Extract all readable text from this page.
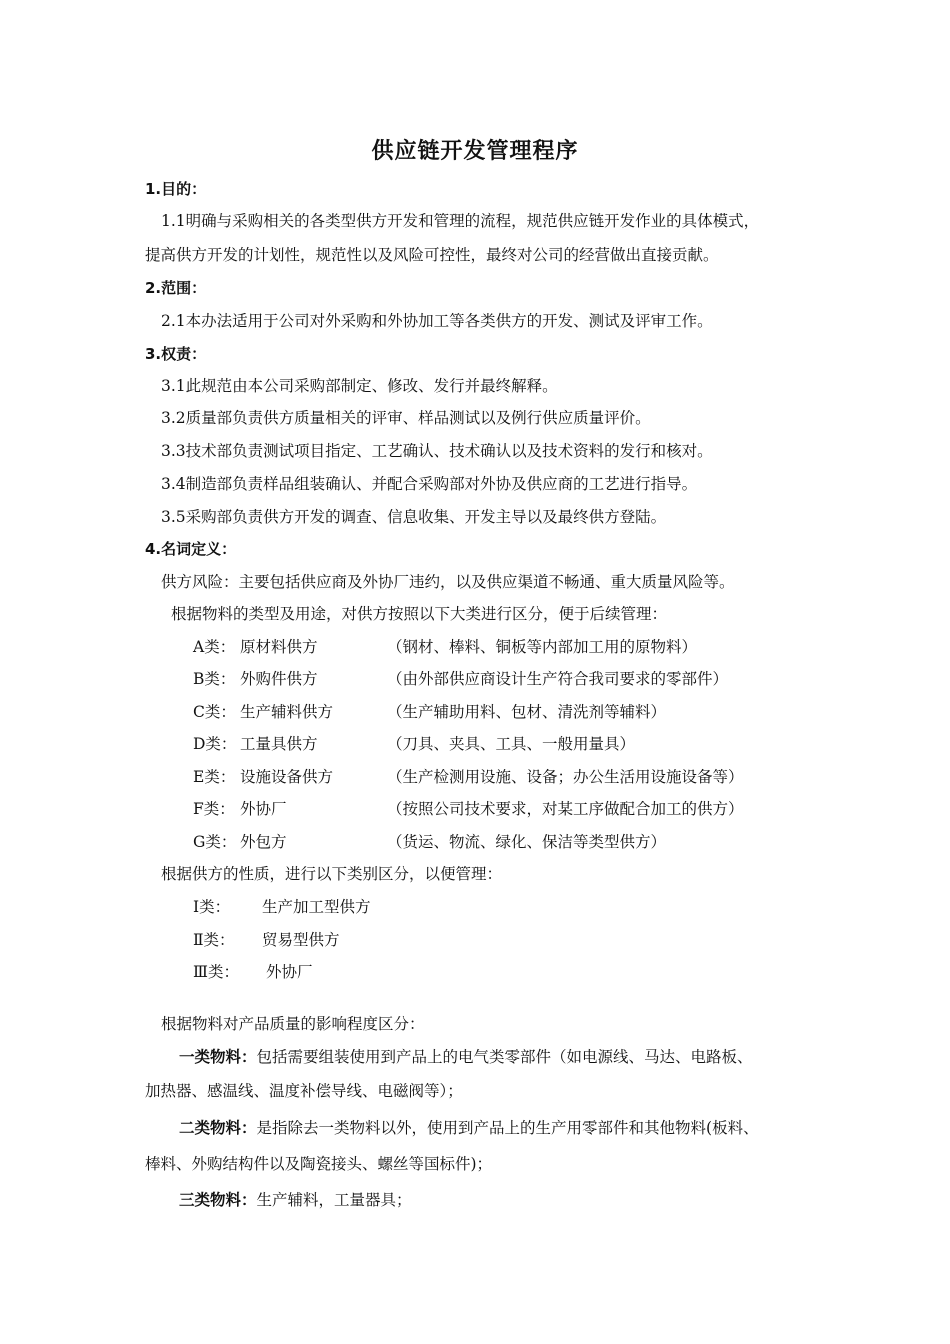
供应链开发管理程序
1.目的：
1.1明确与采购相关的各类型供方开发和管理的流程，规范供应链开发作业的具体模式，
提高供方开发的计划性，规范性以及风险可控性，最终对公司的经营做出直接贡献。
2.范围：
2.1本办法适用于公司对外采购和外协加工等各类供方的开发、测试及评审工作。
3.权责：
3.1此规范由本公司采购部制定、修改、发行并最终解释。
3.2质量部负责供方质量相关的评审、样品测试以及例行供应质量评价。
3.3技术部负责测试项目指定、工艺确认、技术确认以及技术资料的发行和核对。
3.4制造部负责样品组装确认、并配合采购部对外协及供应商的工艺进行指导。
3.5采购部负责供方开发的调查、信息收集、开发主导以及最终供方登陆。
4.名词定义：
供方风险：主要包括供应商及外协厂违约，以及供应渠道不畅通、重大质量风险等。
根据物料的类型及用途，对供方按照以下大类进行区分，便于后续管理：
A类： 原材料供方	（钢材、棒料、铜板等内部加工用的原物料）
B类： 外购件供方	（由外部供应商设计生产符合我司要求的零部件）
C类： 生产辅料供方	（生产辅助用料、包材、清洗剂等辅料）
D类： 工量具供方	（刀具、夹具、工具、一般用量具）
E类： 设施设备供方	（生产检测用设施、设备；办公生活用设施设备等）
F类： 外协厂	（按照公司技术要求，对某工序做配合加工的供方）
G类： 外包方	（货运、物流、绿化、保洁等类型供方）
根据供方的性质，进行以下类别区分，以便管理：
Ⅰ类： 生产加工型供方
Ⅱ类： 贸易型供方
Ⅲ类： 外协厂
根据物料对产品质量的影响程度区分：
一类物料：包括需要组装使用到产品上的电气类零部件（如电源线、马达、电路板、
加热器、感温线、温度补偿导线、电磁阀等）；
二类物料：是指除去一类物料以外，使用到产品上的生产用零部件和其他物料(板料、
棒料、外购结构件以及陶瓷接头、螺丝等国标件)；
三类物料：生产辅料，工量器具；
